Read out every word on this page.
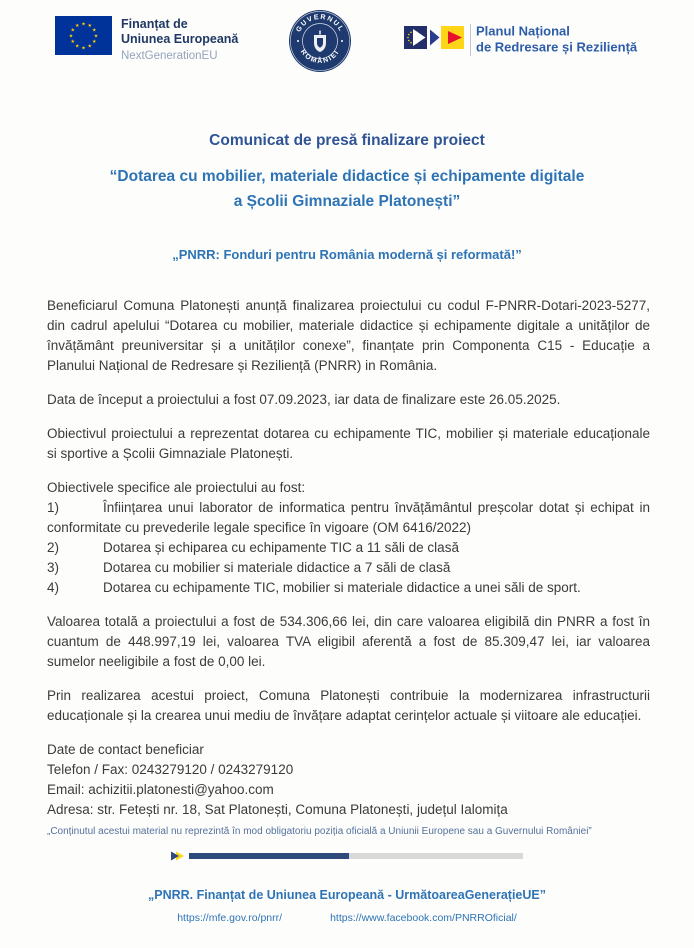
★ ★
★
★
★
★
★
★
★
★
★
★	Finanțat de
Uniunea Europeană
NextGenerationEU
GUVERNUL
ROMÂNIEI
Planul Național
de Redresare și Reziliență
Comunicat de presă finalizare proiect
“Dotarea cu mobilier, materiale didactice și echipamente digitale
a Școlii Gimnaziale Platonești”
„PNRR: Fonduri pentru România modernă și reformată!”

Beneficiarul Comuna Platonești anunță finalizarea proiectului cu codul F-PNRR-Dotari-2023-5277, din cadrul apelului “Dotarea cu mobilier, materiale didactice și echipamente digitale a unităților de învățământ preuniversitar și a unităților conexe”, finanțate prin Componenta C15 - Educație a Planului Național de Redresare și Reziliență (PNRR) in România.

Data de început a proiectului a fost 07.09.2023, iar data de finalizare este 26.05.2025.

Obiectivul proiectului a reprezentat dotarea cu echipamente TIC, mobilier și materiale educaționale si sportive a Școlii Gimnaziale Platonești.

Obiectivele specifice ale proiectului au fost:

1)	Înființarea unui laborator de informatica pentru învățământul preșcolar dotat și echipat in conformitate cu prevederile legale specifice în vigoare (OM 6416/2022)
2)	Dotarea și echiparea cu echipamente TIC a 11 săli de clasă
3)	Dotarea cu mobilier si materiale didactice a 7 săli de clasă
4)	Dotarea cu echipamente TIC, mobilier si materiale didactice a unei săli de sport.

Valoarea totală a proiectului a fost de 534.306,66 lei, din care valoarea eligibilă din PNRR a fost în cuantum de 448.997,19 lei, valoarea TVA eligibil aferentă a fost de 85.309,47 lei, iar valoarea sumelor neeligibile a fost de 0,00 lei.

Prin realizarea acestui proiect, Comuna Platonești contribuie la modernizarea infrastructurii educaționale și la crearea unui mediu de învățare adaptat cerințelor actuale și viitoare ale educației.

Date de contact beneficiar
Telefon / Fax: 0243279120 / 0243279120
Email: achizitii.platonesti@yahoo.com
Adresa: str. Fetești nr. 18, Sat Platonești, Comuna Platonești, județul Ialomița
„Conținutul acestui material nu reprezintă în mod obligatoriu poziția oficială a Uniunii Europene sau a Guvernului României”
„PNRR. Finanțat de Uniunea Europeană - UrmătoareaGenerațieUE”
https://mfe.gov.ro/pnrr/	https://www.facebook.com/PNRROficial/
